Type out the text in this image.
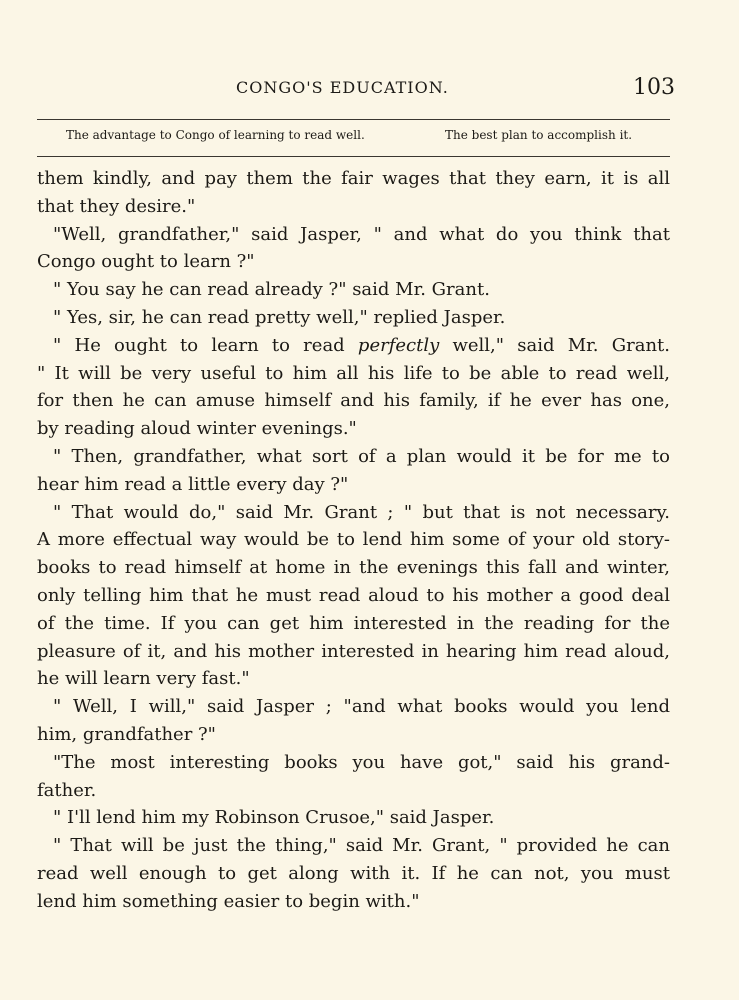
CONGO'S EDUCATION.	103
The advantage to Congo of learning to read well.	The best plan to accomplish it.
them kindly, and pay them the fair wages that they earn, it is all
that they desire."
"Well, grandfather," said Jasper, " and what do you think that
Congo ought to learn ?"
" You say he can read already ?" said Mr. Grant.
" Yes, sir, he can read pretty well," replied Jasper.
" He ought to learn to read perfectly well," said Mr. Grant.
" It will be very useful to him all his life to be able to read well,
for then he can amuse himself and his family, if he ever has one,
by reading aloud winter evenings."
" Then, grandfather, what sort of a plan would it be for me to
hear him read a little every day ?"
" That would do," said Mr. Grant ; " but that is not necessary.
A more effectual way would be to lend him some of your old story-
books to read himself at home in the evenings this fall and winter,
only telling him that he must read aloud to his mother a good deal
of the time. If you can get him interested in the reading for the
pleasure of it, and his mother interested in hearing him read aloud,
he will learn very fast."
" Well, I will," said Jasper ; "and what books would you lend
him, grandfather ?"
"The most interesting books you have got," said his grand-
father.
" I'll lend him my Robinson Crusoe," said Jasper.
" That will be just the thing," said Mr. Grant, " provided he can
read well enough to get along with it. If he can not, you must
lend him something easier to begin with."
